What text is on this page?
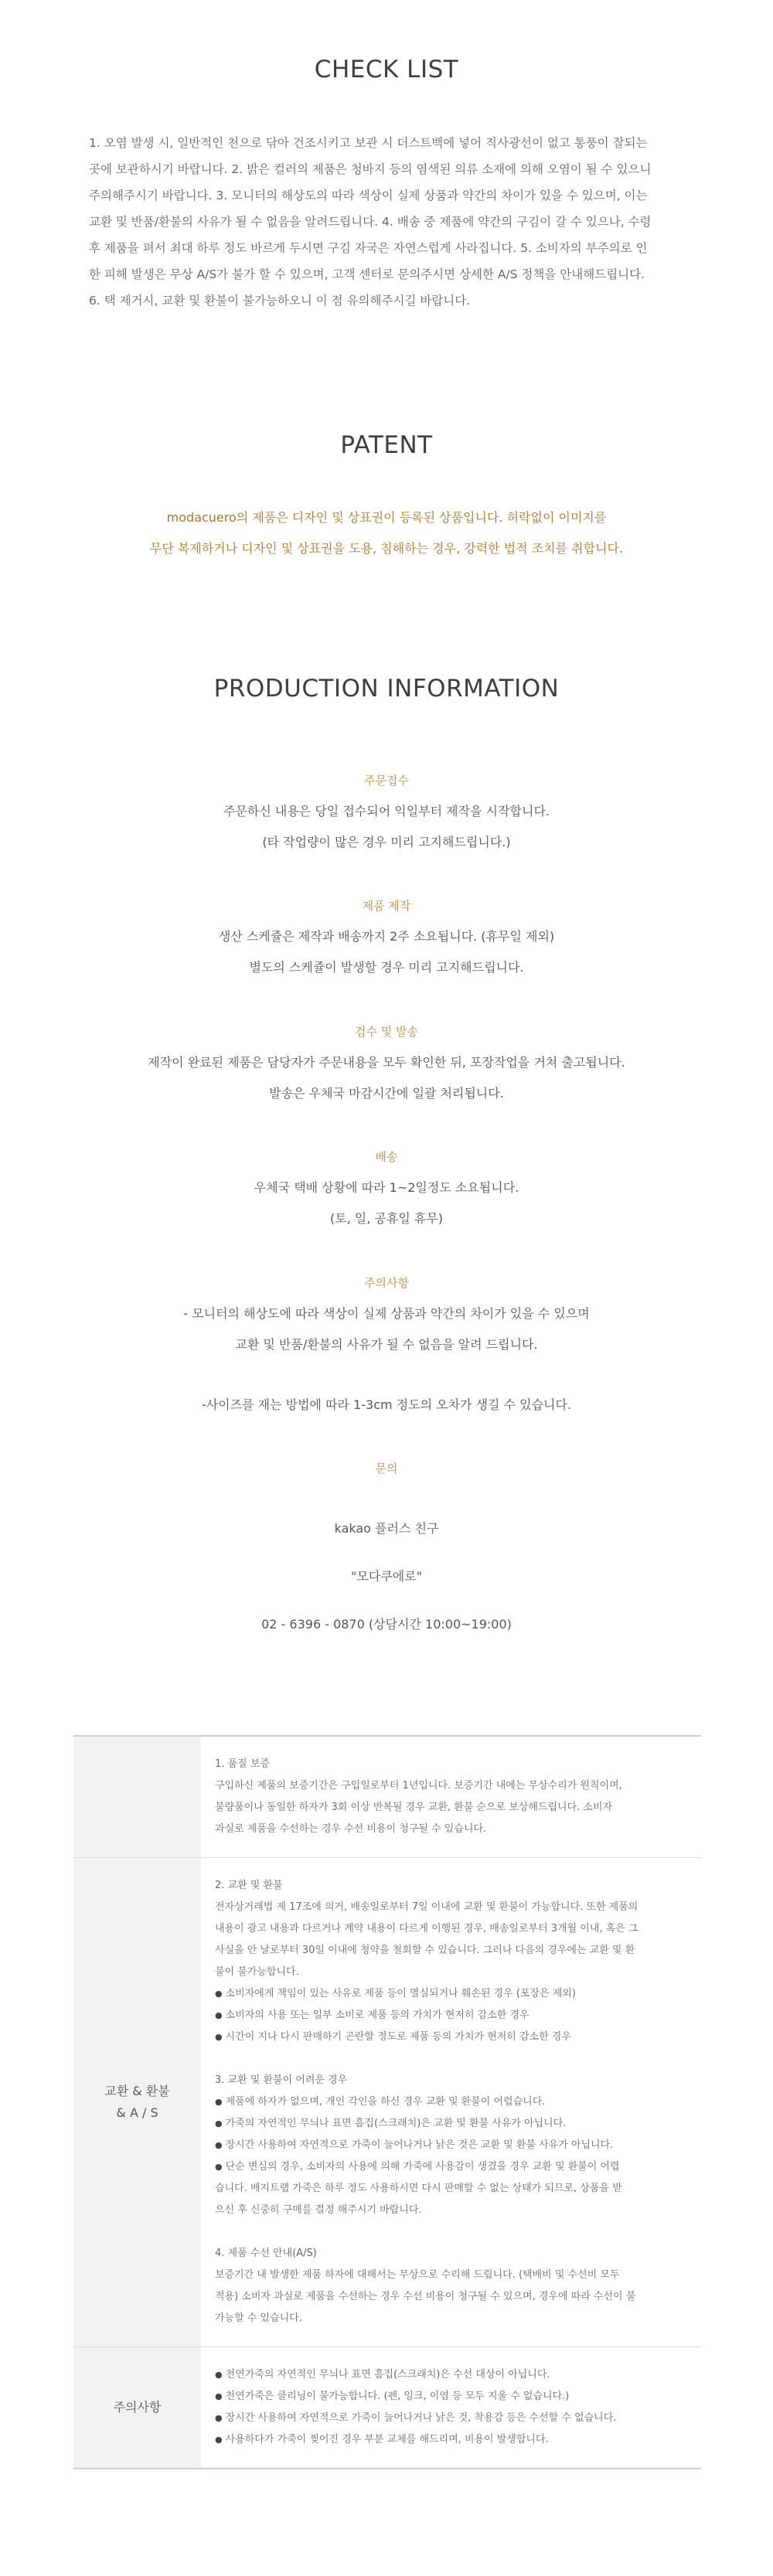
CHECK LIST
1. 오염 발생 시, 일반적인 천으로 닦아 건조시키고 보관 시 더스트백에 넣어 직사광선이 없고 통풍이 잘되는
곳에 보관하시기 바랍니다. 2. 밝은 컬러의 제품은 청바지 등의 염색된 의류 소재에 의해 오염이 될 수 있으니
주의해주시기 바랍니다. 3. 모니터의 해상도의 따라 색상이 실제 상품과 약간의 차이가 있을 수 있으며, 이는
교환 및 반품/환불의 사유가 될 수 없음을 알려드립니다. 4. 배송 중 제품에 약간의 구김이 갈 수 있으나, 수령
후 제품을 펴서 최대 하루 정도 바르게 두시면 구김 자국은 자연스럽게 사라집니다. 5. 소비자의 부주의로 인
한 피해 발생은 무상 A/S가 불가 할 수 있으며, 고객 센터로 문의주시면 상세한 A/S 정책을 안내해드립니다.
6. 택 제거시, 교환 및 환불이 불가능하오니 이 점 유의해주시길 바랍니다.
PATENT
modacuero의 제품은 디자인 및 상표권이 등록된 상품입니다. 허락없이 이미지를
무단 복제하거나 디자인 및 상표권을 도용, 침해하는 경우, 강력한 법적 조치를 취합니다.
PRODUCTION INFORMATION
주문접수
주문하신 내용은 당일 접수되어 익일부터 제작을 시작합니다.
(타 작업량이 많은 경우 미리 고지해드립니다.)
제품 제작
생산 스케쥴은 제작과 배송까지 2주 소요됩니다. (휴무일 제외)
별도의 스케쥴이 발생할 경우 미리 고지해드립니다.
검수 및 발송
제작이 완료된 제품은 담당자가 주문내용을 모두 확인한 뒤, 포장작업을 거쳐 출고됩니다.
발송은 우체국 마감시간에 일괄 처리됩니다.
배송
우체국 택배 상황에 따라 1~2일정도 소요됩니다.
(토, 일, 공휴일 휴무)
주의사항
- 모니터의 해상도에 따라 색상이 실제 상품과 약간의 차이가 있을 수 있으며
교환 및 반품/환불의 사유가 될 수 없음을 알려 드립니다.
-사이즈를 재는 방법에 따라 1-3cm 정도의 오차가 생길 수 있습니다.
문의
kakao 플러스 친구
"모다쿠에로"
02 - 6396 - 0870 (상담시간 10:00~19:00)
1. 품질 보증
구입하신 제품의 보증기간은 구입일로부터 1년입니다. 보증기간 내에는 무상수리가 원칙이며,
불량품이나 동일한 하자가 3회 이상 반복될 경우 교환, 환불 순으로 보상해드립니다. 소비자
과실로 제품을 수선하는 경우 수선 비용이 청구될 수 있습니다.
교환 & 환불
& A / S
2. 교환 및 환불
전자상거래법 제 17조에 의거, 배송일로부터 7일 이내에 교환 및 환불이 가능합니다. 또한 제품의
내용이 광고 내용과 다르거나 계약 내용이 다르게 이행된 경우, 배송일로부터 3개월 이내, 혹은 그
사실을 안 날로부터 30일 이내에 청약을 철회할 수 있습니다. 그러나 다음의 경우에는 교환 및 환
불이 불가능합니다.
● 소비자에게 책임이 있는 사유로 제품 등이 멸실되거나 훼손된 경우 (포장은 제외)
● 소비자의 사용 또는 일부 소비로 제품 등의 가치가 현저히 감소한 경우
● 시간이 지나 다시 판매하기 곤란할 정도로 제품 등의 가치가 현저히 감소한 경우
3. 교환 및 환불이 어려운 경우
● 제품에 하자가 없으며, 개인 각인을 하신 경우 교환 및 환불이 어렵습니다.
● 가죽의 자연적인 무늬나 표면 흠집(스크래치)은 교환 및 환불 사유가 아닙니다.
● 장시간 사용하여 자연적으로 가죽이 늘어나거나 낡은 것은 교환 및 환불 사유가 아닙니다.
● 단순 변심의 경우, 소비자의 사용에 의해 가죽에 사용감이 생겼을 경우 교환 및 환불이 어렵
습니다. 배지트랩 가죽은 하루 정도 사용하시면 다시 판매할 수 없는 상태가 되므로, 상품을 받
으신 후 신중히 구매를 결정 해주시기 바랍니다.
4. 제품 수선 안내(A/S)
보증기간 내 발생한 제품 하자에 대해서는 무상으로 수리해 드립니다. (택배비 및 수선비 모두
적용) 소비자 과실로 제품을 수선하는 경우 수선 비용이 청구될 수 있으며, 경우에 따라 수선이 불
가능할 수 있습니다.
주의사항
● 천연가죽의 자연적인 무늬나 표면 흠집(스크래치)은 수선 대상이 아닙니다.
● 천연가죽은 클리닝이 불가능합니다. (펜, 잉크, 이염 등 모두 지울 수 없습니다.)
● 장시간 사용하여 자연적으로 가죽이 늘어나거나 낡은 것, 착용감 등은 수선할 수 없습니다.
● 사용하다가 가죽이 찢어진 경우 부분 교체를 해드리며, 비용이 발생합니다.
